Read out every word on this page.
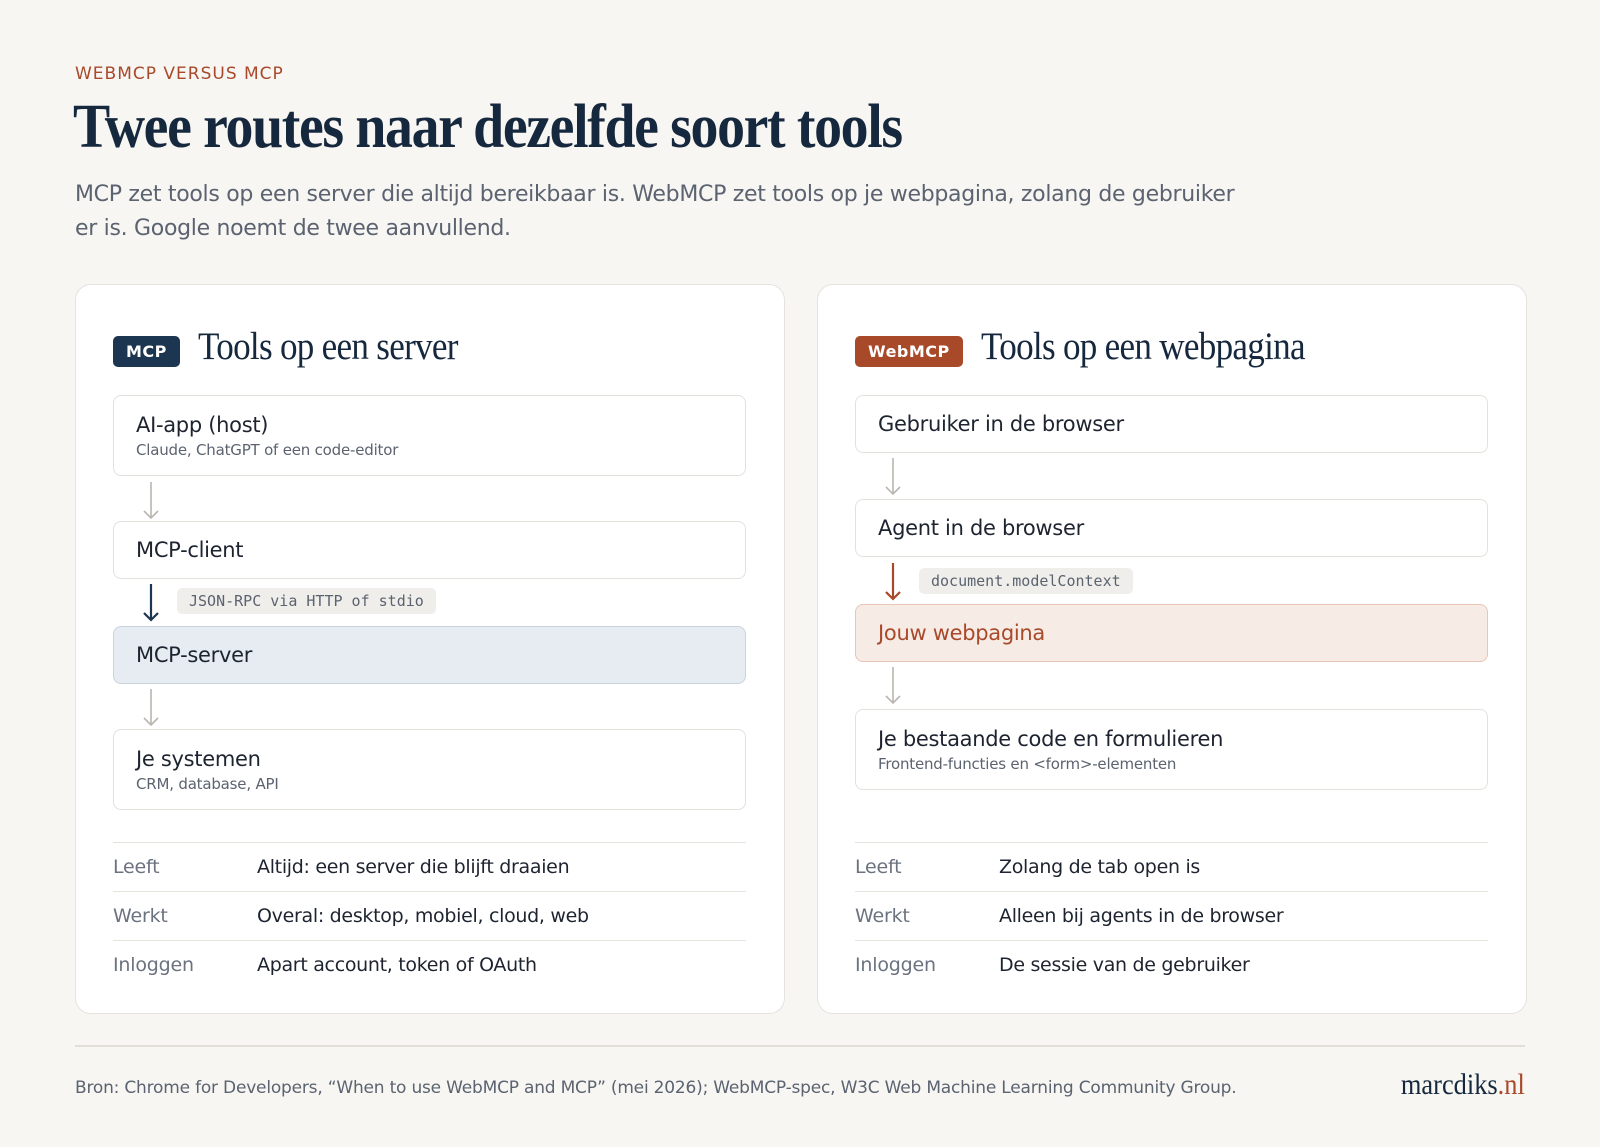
WEBMCP VERSUS MCP
Twee routes naar dezelfde soort tools

MCP zet tools op een server die altijd bereikbaar is. WebMCP zet tools op je webpagina, zolang de gebruiker er is. Google noemt de twee aanvullend.

MCP Tools op een server
AI-app (host)
Claude, ChatGPT of een code-editor
MCP-client
JSON-RPC via HTTP of stdio
MCP-server
Je systemen
CRM, database, API
Leeft	Altijd: een server die blijft draaien
Werkt	Overal: desktop, mobiel, cloud, web
Inloggen	Apart account, token of OAuth
WebMCP Tools op een webpagina
Gebruiker in de browser
Agent in de browser
document.modelContext
Jouw webpagina
Je bestaande code en formulieren
Frontend-functies en <form>-elementen
Leeft	Zolang de tab open is
Werkt	Alleen bij agents in de browser
Inloggen	De sessie van de gebruiker

Bron: Chrome for Developers, “When to use WebMCP and MCP” (mei 2026); WebMCP-spec, W3C Web Machine Learning Community Group.	marcdiks.nl
